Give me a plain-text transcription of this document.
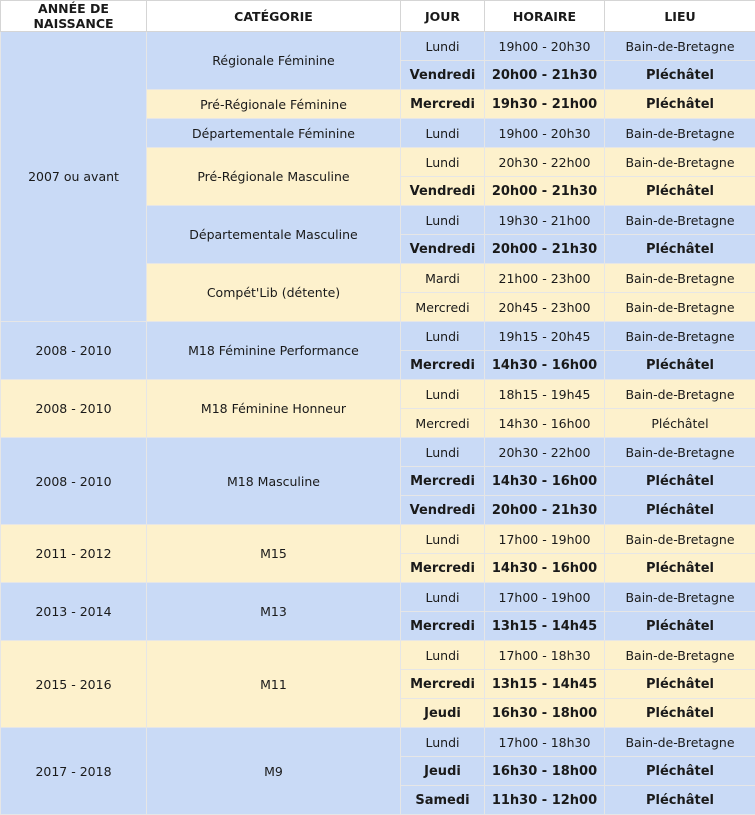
ANNÉE DE NAISSANCE	CATÉGORIE	JOUR	HORAIRE	LIEU
2007 ou avant	Régionale Féminine	Lundi	19h00 - 20h30	Bain-de-Bretagne
		Vendredi	20h00 - 21h30	Pléchâtel
	Pré-Régionale Féminine	Mercredi	19h30 - 21h00	Pléchâtel
	Départementale Féminine	Lundi	19h00 - 20h30	Bain-de-Bretagne
	Pré-Régionale Masculine	Lundi	20h30 - 22h00	Bain-de-Bretagne
		Vendredi	20h00 - 21h30	Pléchâtel
	Départementale Masculine	Lundi	19h30 - 21h00	Bain-de-Bretagne
		Vendredi	20h00 - 21h30	Pléchâtel
	Compét'Lib (détente)	Mardi	21h00 - 23h00	Bain-de-Bretagne
		Mercredi	20h45 - 23h00	Bain-de-Bretagne
2008 - 2010	M18 Féminine Performance	Lundi	19h15 - 20h45	Bain-de-Bretagne
		Mercredi	14h30 - 16h00	Pléchâtel
2008 - 2010	M18 Féminine Honneur	Lundi	18h15 - 19h45	Bain-de-Bretagne
		Mercredi	14h30 - 16h00	Pléchâtel
2008 - 2010	M18 Masculine	Lundi	20h30 - 22h00	Bain-de-Bretagne
		Mercredi	14h30 - 16h00	Pléchâtel
		Vendredi	20h00 - 21h30	Pléchâtel
2011 - 2012	M15	Lundi	17h00 - 19h00	Bain-de-Bretagne
		Mercredi	14h30 - 16h00	Pléchâtel
2013 - 2014	M13	Lundi	17h00 - 19h00	Bain-de-Bretagne
		Mercredi	13h15 - 14h45	Pléchâtel
2015 - 2016	M11	Lundi	17h00 - 18h30	Bain-de-Bretagne
		Mercredi	13h15 - 14h45	Pléchâtel
		Jeudi	16h30 - 18h00	Pléchâtel
2017 - 2018	M9	Lundi	17h00 - 18h30	Bain-de-Bretagne
		Jeudi	16h30 - 18h00	Pléchâtel
		Samedi	11h30 - 12h00	Pléchâtel
